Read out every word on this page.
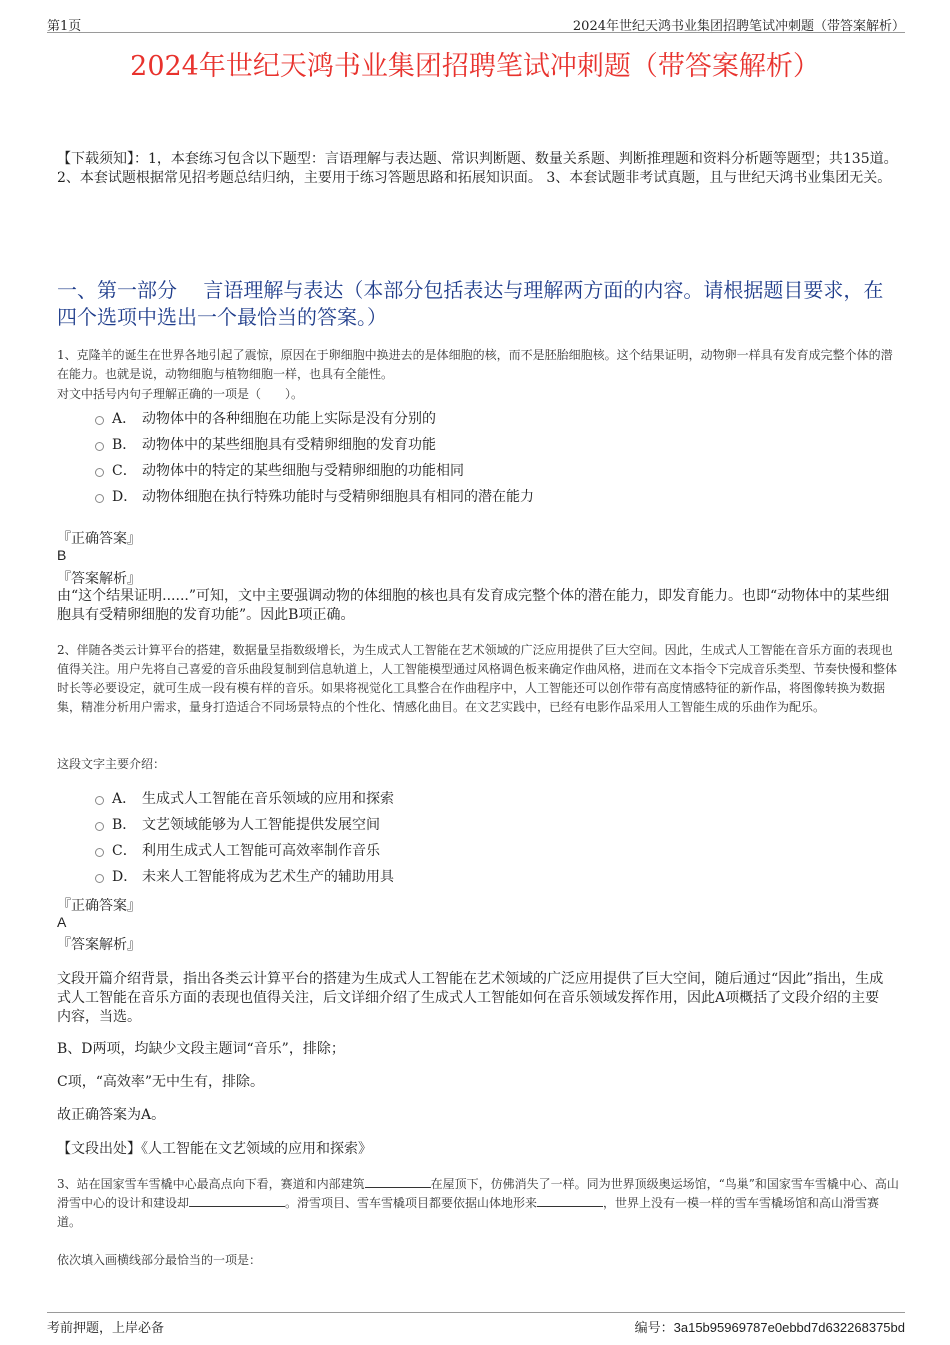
第1页	2024年世纪天鸿书业集团招聘笔试冲刺题（带答案解析）
2024年世纪天鸿书业集团招聘笔试冲刺题（带答案解析）
【下载须知】：1，本套练习包含以下题型：言语理解与表达题、常识判断题、数量关系题、判断推理题和资料分析题等题型；共135道。 2、本套试题根据常见招考题总结归纳，主要用于练习答题思路和拓展知识面。 3、本套试题非考试真题，且与世纪天鸿书业集团无关。
一、第一部分　 言语理解与表达（本部分包括表达与理解两方面的内容。请根据题目要求，在四个选项中选出一个最恰当的答案。）
1、克隆羊的诞生在世界各地引起了震惊，原因在于卵细胞中换进去的是体细胞的核，而不是胚胎细胞核。这个结果证明，动物卵一样具有发育成完整个体的潜在能力。也就是说，动物细胞与植物细胞一样，也具有全能性。
对文中括号内句子理解正确的一项是（　　）。
A． 动物体中的各种细胞在功能上实际是没有分别的
B． 动物体中的某些细胞具有受精卵细胞的发育功能
C． 动物体中的特定的某些细胞与受精卵细胞的功能相同
D． 动物体细胞在执行特殊功能时与受精卵细胞具有相同的潜在能力
『正确答案』
B
『答案解析』
由“这个结果证明......”可知，文中主要强调动物的体细胞的核也具有发育成完整个体的潜在能力，即发育能力。也即“动物体中的某些细胞具有受精卵细胞的发育功能”。因此B项正确。
2、伴随各类云计算平台的搭建，数据量呈指数级增长，为生成式人工智能在艺术领域的广泛应用提供了巨大空间。因此，生成式人工智能在音乐方面的表现也值得关注。用户先将自己喜爱的音乐曲段复制到信息轨道上，人工智能模型通过风格调色板来确定作曲风格，进而在文本指令下完成音乐类型、节奏快慢和整体时长等必要设定，就可生成一段有模有样的音乐。如果将视觉化工具整合在作曲程序中，人工智能还可以创作带有高度情感特征的新作品，将图像转换为数据集，精准分析用户需求，量身打造适合不同场景特点的个性化、情感化曲目。在文艺实践中，已经有电影作品采用人工智能生成的乐曲作为配乐。
这段文字主要介绍：
A． 生成式人工智能在音乐领域的应用和探索
B． 文艺领域能够为人工智能提供发展空间
C． 利用生成式人工智能可高效率制作音乐
D． 未来人工智能将成为艺术生产的辅助用具
『正确答案』
A
『答案解析』
文段开篇介绍背景，指出各类云计算平台的搭建为生成式人工智能在艺术领域的广泛应用提供了巨大空间，随后通过“因此”指出，生成式人工智能在音乐方面的表现也值得关注，后文详细介绍了生成式人工智能如何在音乐领域发挥作用，因此A项概括了文段介绍的主要内容，当选。
B、D两项，均缺少文段主题词“音乐”，排除；
C项，“高效率”无中生有，排除。
故正确答案为A。
【文段出处】《人工智能在文艺领域的应用和探索》
3、站在国家雪车雪橇中心最高点向下看，赛道和内部建筑	在屋顶下，仿佛消失了一样。同为世界顶级奥运场馆，“鸟巢”和国家雪车雪橇中心、高山滑雪中心的设计和建设却	。滑雪项目、雪车雪橇项目都要依据山体地形来	，世界上没有一模一样的雪车雪橇场馆和高山滑雪赛道。
依次填入画横线部分最恰当的一项是：
考前押题，上岸必备	编号：3a15b95969787e0ebbd7d632268375bd
